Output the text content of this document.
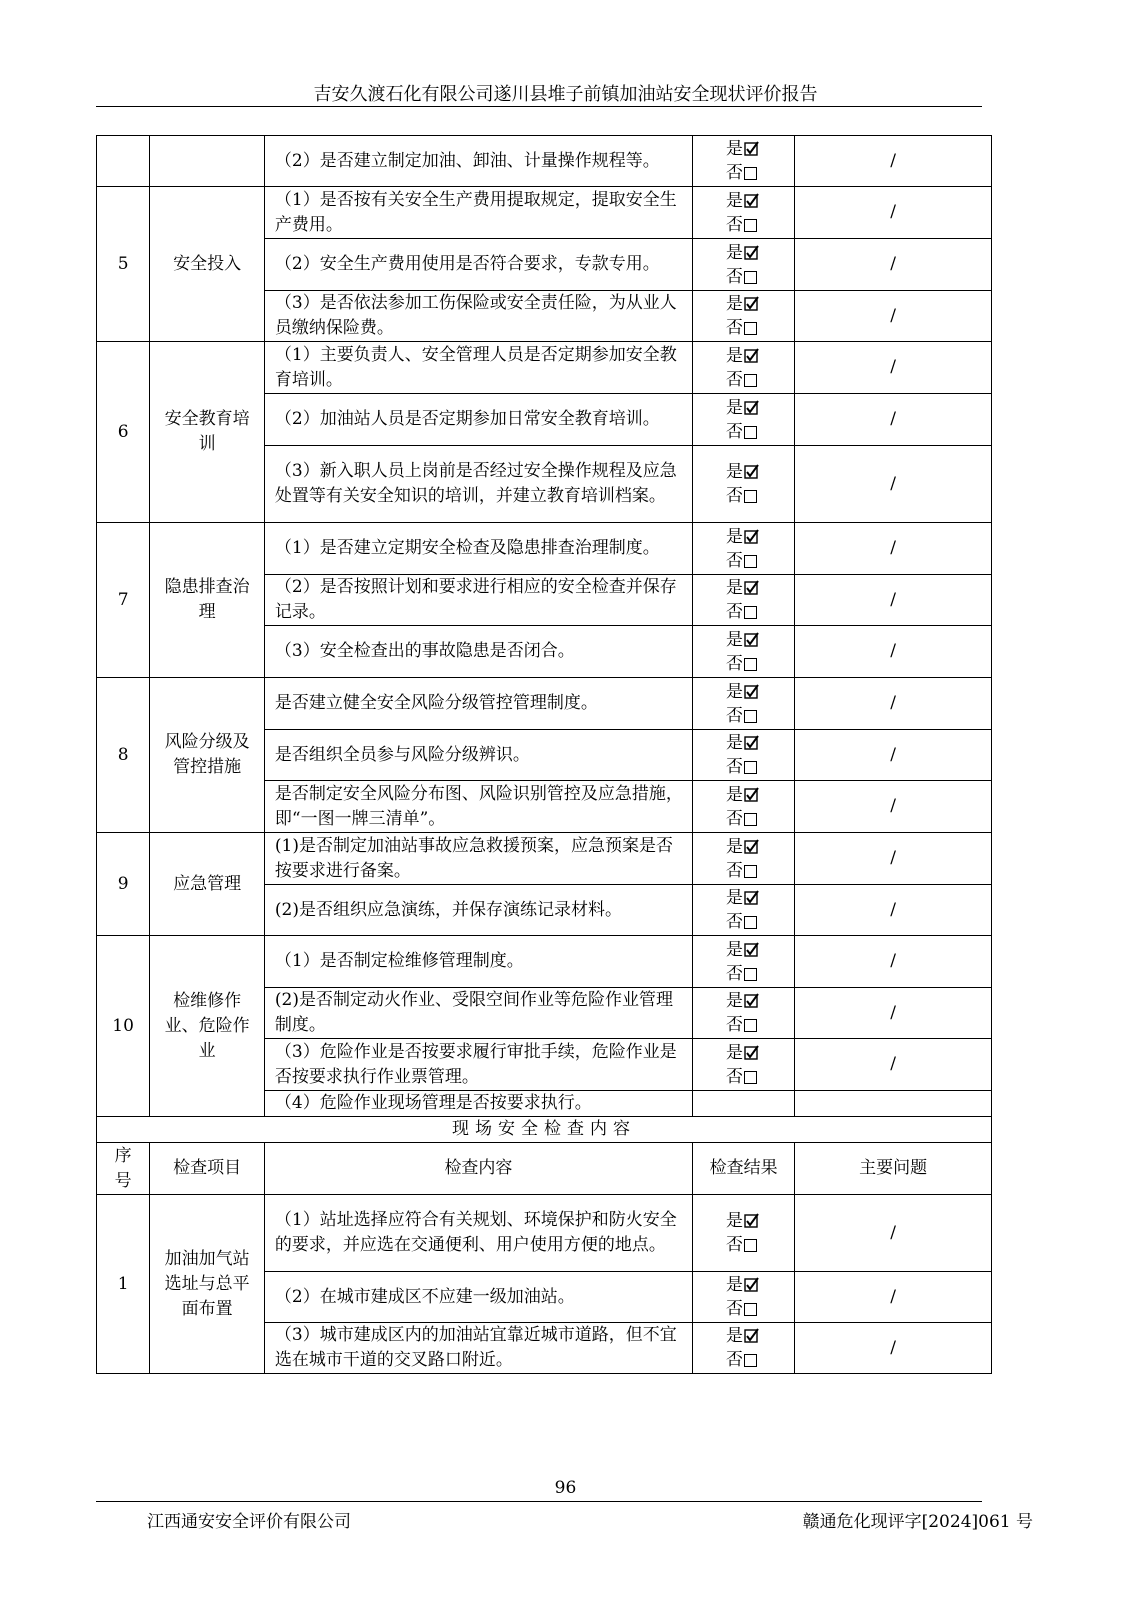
吉安久渡石化有限公司遂川县堆子前镇加油站安全现状评价报告
		（2）是否建立制定加油、卸油、计量操作规程等。	是
否	/
5	安全投入	（1）是否按有关安全生产费用提取规定，提取安全生产费用。	是
否	/
		（2）安全生产费用使用是否符合要求，专款专用。	是
否	/
		（3）是否依法参加工伤保险或安全责任险，为从业人员缴纳保险费。	是
否	/
6	安全教育培训	（1）主要负责人、安全管理人员是否定期参加安全教育培训。	是
否	/
		（2）加油站人员是否定期参加日常安全教育培训。	是
否	/
		（3）新入职人员上岗前是否经过安全操作规程及应急处置等有关安全知识的培训，并建立教育培训档案。	是
否	/
7	隐患排查治理	（1）是否建立定期安全检查及隐患排查治理制度。	是
否	/
		（2）是否按照计划和要求进行相应的安全检查并保存记录。	是
否	/
		（3）安全检查出的事故隐患是否闭合。	是
否	/
8	风险分级及管控措施	是否建立健全安全风险分级管控管理制度。	是
否	/
		是否组织全员参与风险分级辨识。	是
否	/
		是否制定安全风险分布图、风险识别管控及应急措施，即“一图一牌三清单”。	是
否	/
9	应急管理	(1)是否制定加油站事故应急救援预案，应急预案是否按要求进行备案。	是
否	/
		(2)是否组织应急演练，并保存演练记录材料。	是
否	/
10	检维修作业、危险作业	（1）是否制定检维修管理制度。	是
否	/
		(2)是否制定动火作业、受限空间作业等危险作业管理制度。	是
否	/
		（3）危险作业是否按要求履行审批手续，危险作业是否按要求执行作业票管理。	是
否	/
		（4）危险作业现场管理是否按要求执行。		
现场安全检查内容				
序号	检查项目	检查内容	检查结果	主要问题
1	加油加气站选址与总平面布置	（1）站址选择应符合有关规划、环境保护和防火安全的要求，并应选在交通便利、用户使用方便的地点。	是
否	/
		（2）在城市建成区不应建一级加油站。	是
否	/
		（3）城市建成区内的加油站宜靠近城市道路，但不宜选在城市干道的交叉路口附近。	是
否	/
96
江西通安安全评价有限公司	赣通危化现评字[2024]061 号
